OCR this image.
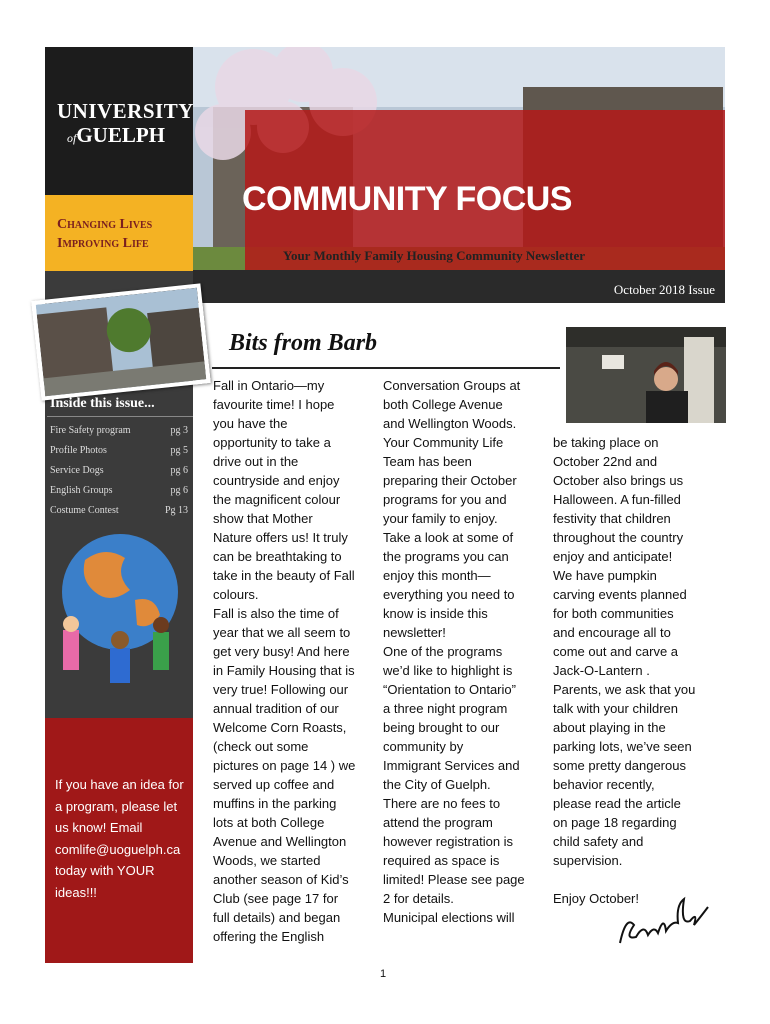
UNIVERSITY
ofGUELPH
Changing Lives
Improving Life
COMMUNITY FOCUS
Your Monthly Family Housing Community Newsletter
October 2018 Issue
Inside this issue...
Fire Safety program	pg 3
Profile Photos	pg 5
Service Dogs	pg 6
English Groups	pg 6
Costume Contest	Pg 13
If you have an idea for a program, please let us know! Email comlife@uoguelph.ca today with YOUR ideas!!!
Bits from Barb
Fall in Ontario—my
favourite time! I hope
you have the
opportunity to take a
drive out in the
countryside and enjoy
the magnificent colour
show that Mother
Nature offers us! It truly
can be breathtaking to
take in the beauty of Fall
colours.
Fall is also the time of
year that we all seem to
get very busy! And here
in Family Housing that is
very true! Following our
annual tradition of our
Welcome Corn Roasts,
(check out some
pictures on page 14 ) we
served up coffee and
muffins in the parking
lots at both College
Avenue and Wellington
Woods, we started
another season of Kid’s
Club (see page 17 for
full details) and began
offering the English
Conversation Groups at
both College Avenue
and Wellington Woods.
Your Community Life
Team has been
preparing their October
programs for you and
your family to enjoy.
Take a look at some of
the programs you can
enjoy this month—
everything you need to
know is inside this
newsletter!
One of the programs
we’d like to highlight is
“Orientation to Ontario”
a three night program
being brought to our
community by
Immigrant Services and
the City of Guelph.
There are no fees to
attend the program
however registration is
required as space is
limited! Please see page
2 for details.
Municipal elections will
be taking place on
October 22nd and
October also brings us
Halloween. A fun-filled
festivity that children
throughout the country
enjoy and anticipate!
We have pumpkin
carving events planned
for both communities
and encourage all to
come out and carve a
Jack-O-Lantern .
Parents, we ask that you
talk with your children
about playing in the
parking lots, we’ve seen
some pretty dangerous
behavior recently,
please read the article
on page 18 regarding
child safety and
supervision.

Enjoy October!
1
